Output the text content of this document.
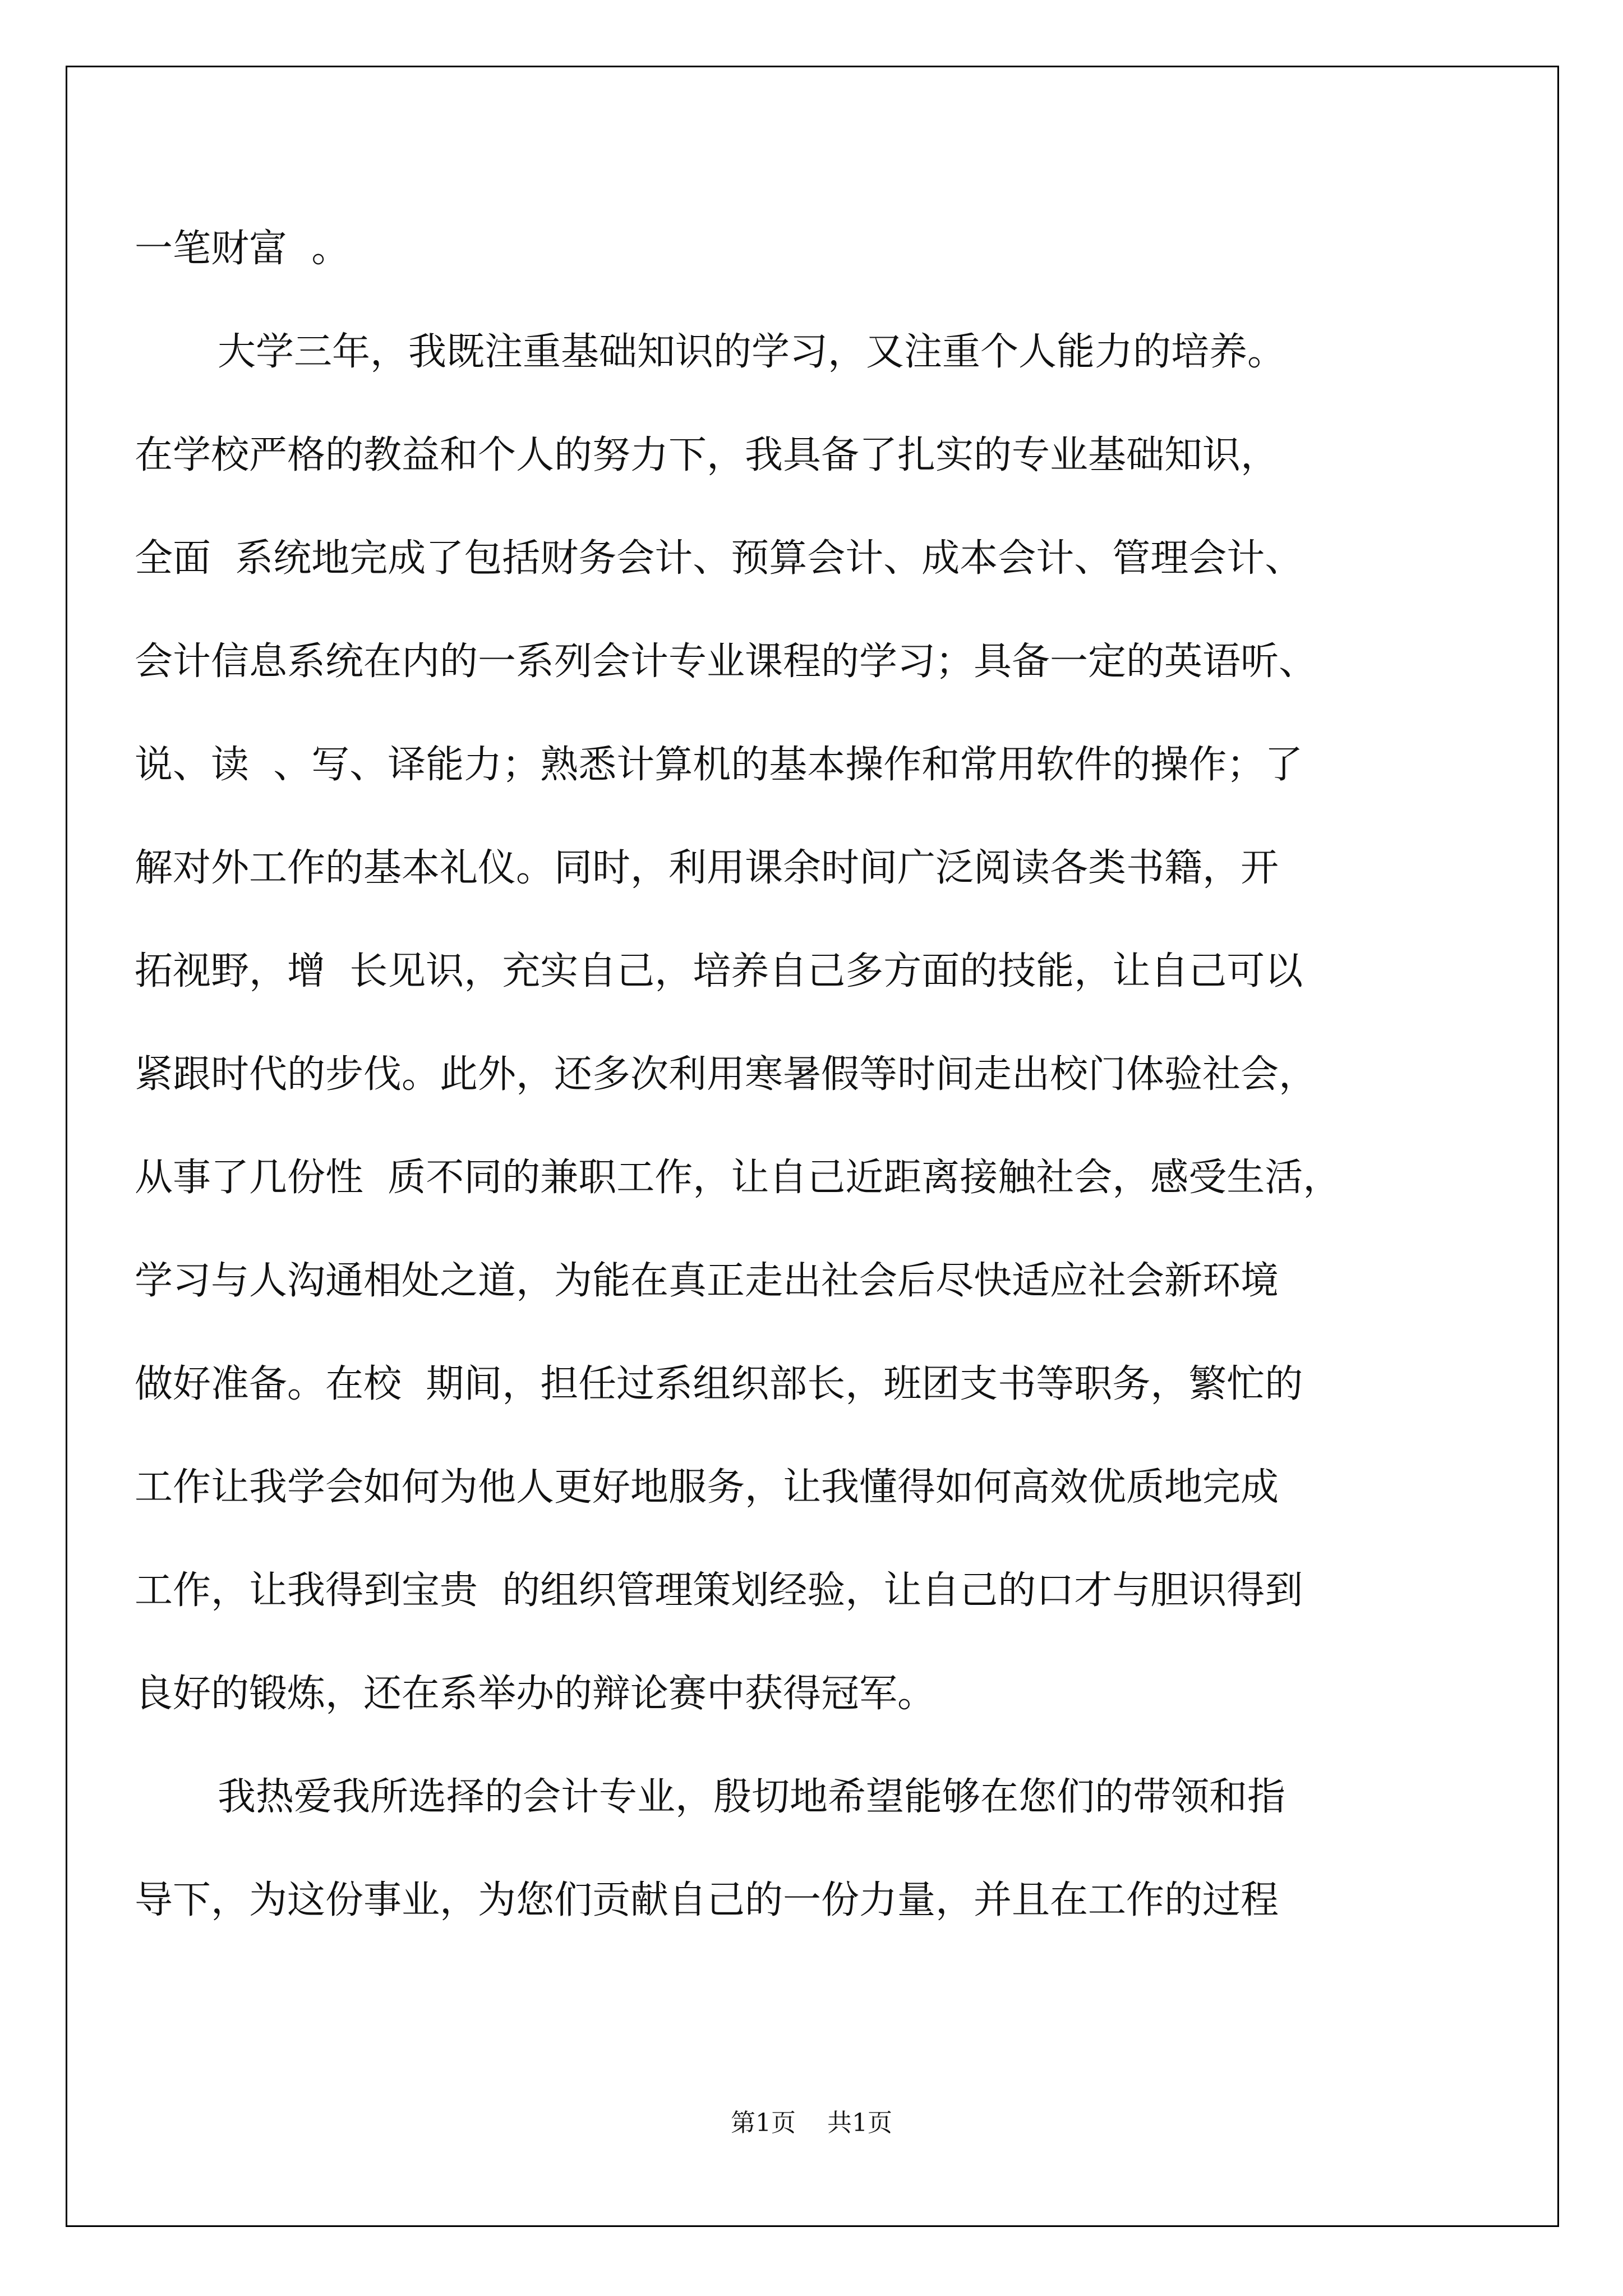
一笔财富  。
大学三年，我既注重基础知识的学习，又注重个人能力的培养。
在学校严格的教益和个人的努力下，我具备了扎实的专业基础知识，
全面  系统地完成了包括财务会计、预算会计、成本会计、管理会计、
会计信息系统在内的一系列会计专业课程的学习；具备一定的英语听、
说、读  、写、译能力；熟悉计算机的基本操作和常用软件的操作；了
解对外工作的基本礼仪。同时，利用课余时间广泛阅读各类书籍，开
拓视野，增  长见识，充实自己，培养自己多方面的技能，让自己可以
紧跟时代的步伐。此外，还多次利用寒暑假等时间走出校门体验社会，
从事了几份性  质不同的兼职工作，让自己近距离接触社会，感受生活，
学习与人沟通相处之道，为能在真正走出社会后尽快适应社会新环境
做好准备。在校  期间，担任过系组织部长，班团支书等职务，繁忙的
工作让我学会如何为他人更好地服务，让我懂得如何高效优质地完成
工作，让我得到宝贵  的组织管理策划经验，让自己的口才与胆识得到
良好的锻炼，还在系举办的辩论赛中获得冠军。
我热爱我所选择的会计专业，殷切地希望能够在您们的带领和指
导下，为这份事业，为您们贡献自己的一份力量，并且在工作的过程
第1页    共1页
